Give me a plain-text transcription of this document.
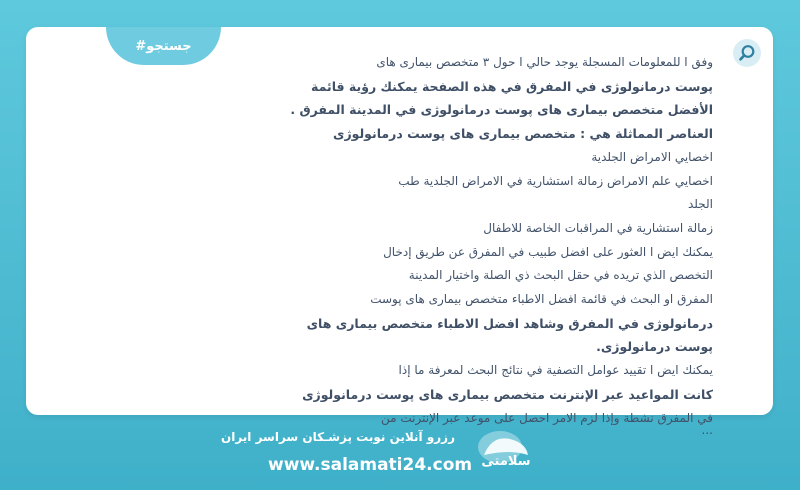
#جستجو
وفق ا للمعلومات المسجلة يوجد حالي ا حول ٣ متخصص بيماری های
پوست درمانولوژی في المفرق في هذه الصفحة يمكنك رؤية قائمة
الأفضل متخصص بیماری های پوست درمانولوژی في المدينة المفرق .
العناصر المماثلة هي : متخصص بیماری های پوست درمانولوژی
اخصايي الامراض الجلدية
اخصايي علم الامراض زمالة استشارية في الامراض الجلدية طب
الجلد
زمالة استشارية في المراقبات الخاصة للاطفال
يمكنك ايض ا العثور على افضل طبيب في المفرق عن طريق إدخال
التخصص الذي تريده في حقل البحث ذي الصلة واختيار المدينة
المفرق او البحث في قائمة افضل الاطباء متخصص بیماری های پوست
درمانولوژی في المفرق وشاهد افضل الاطباء متخصص بیماری های
پوست درمانولوژی.
يمكنك ايض ا تقييد عوامل التصفية في نتائج البحث لمعرفة ما إذا
كانت المواعيد عبر الإنترنت متخصص بیماری های پوست درمانولوژی
في المفرق نشطة وإذا لزم الامر احصل على موعد عبر الإنترنت من
...
رزرو آنلاین نوبت پزشـکان سراسر ایران
www.salamati24.com سلامتی
